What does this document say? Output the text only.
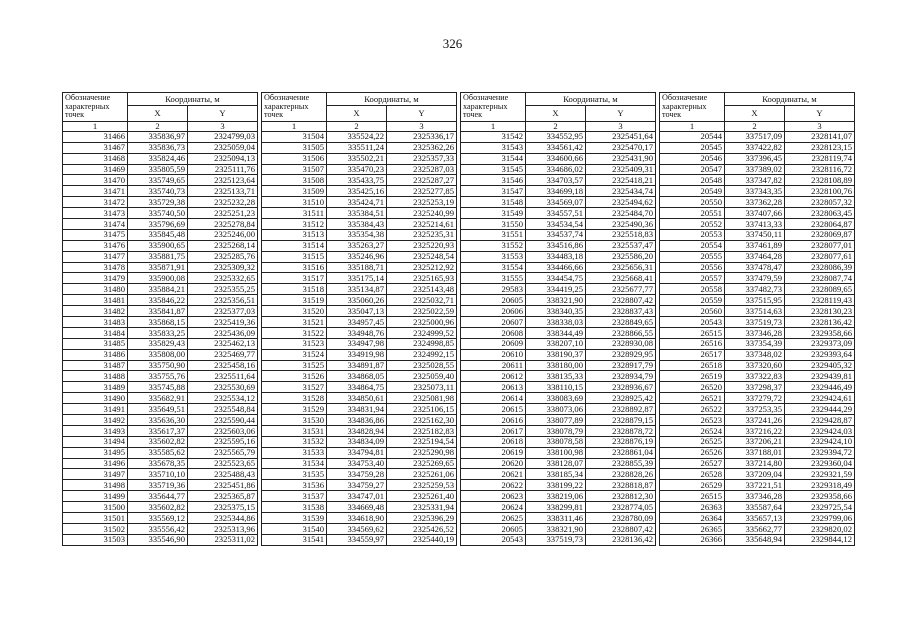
326
Обозначение характерных точек	Координаты, м	
	X	Y
1	2	3
31466	335836,97	2324799,03
31467	335836,73	2325059,04
31468	335824,46	2325094,13
31469	335805,59	2325111,76
31470	335749,65	2325123,64
31471	335740,73	2325133,71
31472	335729,38	2325232,28
31473	335740,50	2325251,23
31474	335796,69	2325278,84
31475	335845,48	2325246,00
31476	335900,65	2325268,14
31477	335881,75	2325285,76
31478	335871,91	2325309,32
31479	335900,08	2325332,65
31480	335884,21	2325355,25
31481	335846,22	2325356,51
31482	335841,87	2325377,03
31483	335868,15	2325419,36
31484	335833,25	2325436,09
31485	335829,43	2325462,13
31486	335808,00	2325469,77
31487	335750,90	2325458,16
31488	335755,76	2325511,64
31489	335745,88	2325530,69
31490	335682,91	2325534,12
31491	335649,51	2325548,84
31492	335636,30	2325590,44
31493	335617,37	2325603,06
31494	335602,82	2325595,16
31495	335585,62	2325565,79
31496	335678,35	2325523,65
31497	335710,10	2325488,43
31498	335719,36	2325451,86
31499	335644,77	2325365,87
31500	335602,82	2325375,15
31501	335569,12	2325344,86
31502	335556,42	2325313,96
31503	335546,90	2325311,02
Обозначение характерных точек	Координаты, м	
	X	Y
1	2	3
31504	335524,22	2325336,17
31505	335511,24	2325362,26
31506	335502,21	2325357,33
31507	335470,23	2325287,03
31508	335433,75	2325287,27
31509	335425,16	2325277,85
31510	335424,71	2325253,19
31511	335384,51	2325240,99
31512	335384,43	2325214,61
31513	335354,38	2325235,31
31514	335263,27	2325220,93
31515	335246,96	2325248,54
31516	335188,71	2325212,92
31517	335175,14	2325165,93
31518	335134,87	2325143,48
31519	335060,26	2325032,71
31520	335047,13	2325022,59
31521	334957,45	2325000,96
31522	334948,76	2324999,52
31523	334947,98	2324998,85
31524	334919,98	2324992,15
31525	334891,87	2325028,55
31526	334868,05	2325059,40
31527	334864,75	2325073,11
31528	334850,61	2325081,98
31529	334831,94	2325106,15
31530	334836,86	2325162,30
31531	334828,94	2325182,83
31532	334834,09	2325194,54
31533	334794,81	2325290,98
31534	334753,40	2325269,65
31535	334759,28	2325261,06
31536	334759,27	2325259,53
31537	334747,01	2325261,40
31538	334669,48	2325331,94
31539	334618,90	2325396,29
31540	334569,62	2325426,52
31541	334559,97	2325440,19
Обозначение характерных точек	Координаты, м	
	X	Y
1	2	3
31542	334552,95	2325451,64
31543	334561,42	2325470,17
31544	334600,66	2325431,90
31545	334686,02	2325409,31
31546	334703,57	2325418,21
31547	334699,18	2325434,74
31548	334569,07	2325494,62
31549	334557,51	2325484,70
31550	334534,54	2325490,36
31551	334537,74	2325518,83
31552	334516,86	2325537,47
31553	334483,18	2325586,20
31554	334466,66	2325656,31
31555	334454,75	2325668,41
29583	334419,25	2325677,77
20605	338321,90	2328807,42
20606	338340,35	2328837,43
20607	338338,03	2328849,65
20608	338344,49	2328866,55
20609	338207,10	2328930,08
20610	338190,37	2328929,95
20611	338180,00	2328917,79
20612	338135,33	2328934,79
20613	338110,15	2328936,67
20614	338083,69	2328925,42
20615	338073,06	2328892,87
20616	338077,89	2328879,15
20617	338078,79	2328878,72
20618	338078,58	2328876,19
20619	338100,98	2328861,04
20620	338128,07	2328855,39
20621	338185,34	2328828,26
20622	338199,22	2328818,87
20623	338219,06	2328812,30
20624	338299,81	2328774,05
20625	338311,46	2328780,09
20605	338321,90	2328807,42
20543	337519,73	2328136,42
Обозначение характерных точек	Координаты, м	
	X	Y
1	2	3
20544	337517,09	2328141,07
20545	337422,82	2328123,15
20546	337396,45	2328119,74
20547	337389,02	2328116,72
20548	337347,82	2328108,89
20549	337343,35	2328100,76
20550	337362,28	2328057,32
20551	337407,66	2328063,45
20552	337413,33	2328064,87
20553	337450,11	2328069,87
20554	337461,89	2328077,01
20555	337464,28	2328077,61
20556	337478,47	2328086,39
20557	337479,59	2328087,74
20558	337482,73	2328089,65
20559	337515,95	2328119,43
20560	337514,63	2328130,23
20543	337519,73	2328136,42
26515	337346,28	2329358,66
26516	337354,39	2329373,09
26517	337348,02	2329393,64
26518	337320,60	2329405,32
26519	337322,83	2329439,81
26520	337298,37	2329446,49
26521	337279,72	2329424,61
26522	337253,35	2329444,29
26523	337241,26	2329428,87
26524	337216,22	2329424,03
26525	337206,21	2329424,10
26526	337188,01	2329394,72
26527	337214,80	2329360,04
26528	337209,04	2329321,59
26529	337221,51	2329318,49
26515	337346,28	2329358,66
26363	335587,64	2329725,54
26364	335657,13	2329799,06
26365	335662,77	2329820,02
26366	335648,94	2329844,12
